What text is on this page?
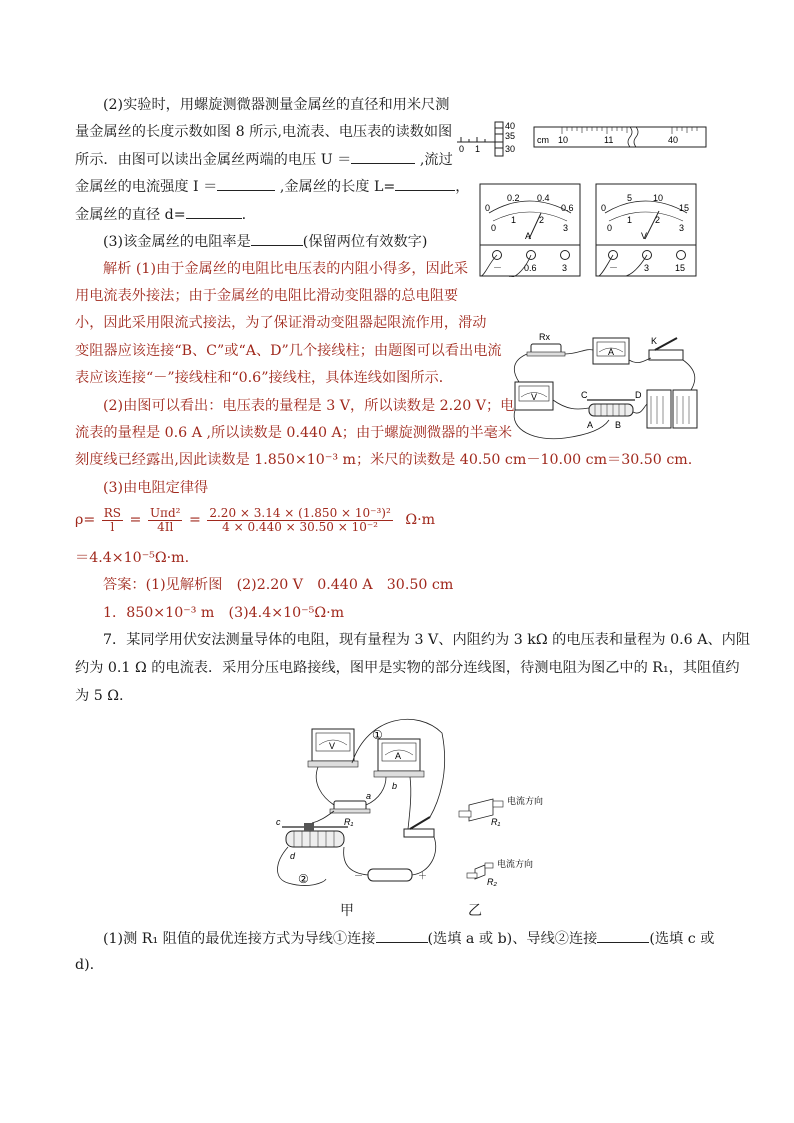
(2)实验时，用螺旋测微器测量金属丝的直径和用米尺测
量金属丝的长度示数如图 8 所示,电流表、电压表的读数如图
所示．由图可以读出金属丝两端的电压 U ＝	,流过
金属丝的电流强度 I ＝	,金属丝的长度 L=	，
金属丝的直径 d=	.
(3)该金属丝的电阻率是	(保留两位有效数字)
解析 (1)由于金属丝的电阻比电压表的内阻小得多，因此采
用电流表外接法；由于金属丝的电阻比滑动变阻器的总电阻要
小，因此采用限流式接法，为了保证滑动变阻器起限流作用，滑动
变阻器应该连接“B、C”或“A、D”几个接线柱；由题图可以看出电流
表应该连接“－”接线柱和“0.6”接线柱，具体连线如图所示．
(2)由图可以看出：电压表的量程是 3 V，所以读数是 2.20 V；电
流表的量程是 0.6 A ,所以读数是 0.440 A；由于螺旋测微器的半毫米
刻度线已经露出,因此读数是 1.850×10⁻³ m；米尺的读数是 40.50 cm－10.00 cm＝30.50 cm.
(3)由电阻定律得
$\rho= \frac{RS}{l} = \frac{\text{Uπd²}}{4Il} = \frac{\text{2.20 × 3.14 × (1.850 × 10⁻³)²}}{\text{4 × 0.440 × 30.50 × 10⁻²}} \Omega\cdot m$
＝4.4×10⁻⁵Ω·m.
答案：(1)见解析图　(2)2.20 V　0.440 A　30.50 cm
1．850×10⁻³ m　(3)4.4×10⁻⁵Ω·m
7．某同学用伏安法测量导体的电阻，现有量程为 3 V、内阻约为 3 kΩ 的电压表和量程为 0.6 A、内阻
约为 0.1 Ω 的电流表．采用分压电路接线，图甲是实物的部分连线图，待测电阻为图乙中的 R₁，其阻值约
为 5 Ω.
(1)测 R₁ 阻值的最优连接方式为导线①连接	(选填 a 或 b)、导线②连接	(选填 c 或
d).
40
35
30
0 1
cm 10	11	40
0
0.2 0.4
0.6
0
1	2
3
A
－ 0.6	3
0
5 10
15
0
1	2
3
V
－	3	15
Rx
A
K
V	C	D
A B
V
A
①
a
b
R₁
c
d
－	＋
②
甲
R₁
电流方向
R₂
电流方向
乙
